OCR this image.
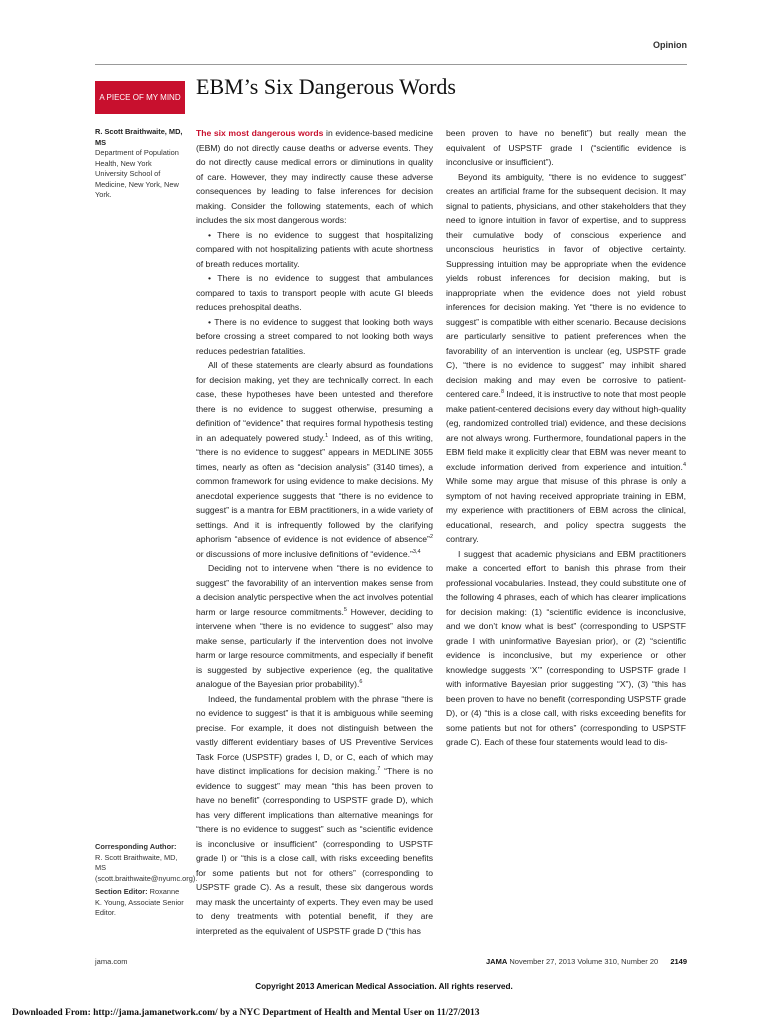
Opinion
A PIECE OF MY MIND EBM’s Six Dangerous Words
R. Scott Braithwaite, MD, MS
Department of Population Health, New York University School of Medicine, New York, New York.
Corresponding Author: R. Scott Braithwaite, MD, MS (scott.braithwaite@nyumc.org).
Section Editor: Roxanne K. Young, Associate Senior Editor.

The six most dangerous words in evidence-based medicine (EBM) do not directly cause deaths or adverse events. They do not directly cause medical errors or diminutions in quality of care. However, they may indirectly cause these adverse consequences by leading to false inferences for decision making. Consider the following statements, each of which includes the six most dangerous words:

• There is no evidence to suggest that hospitalizing compared with not hospitalizing patients with acute shortness of breath reduces mortality.

• There is no evidence to suggest that ambulances compared to taxis to transport people with acute GI bleeds reduces prehospital deaths.

• There is no evidence to suggest that looking both ways before crossing a street compared to not looking both ways reduces pedestrian fatalities.

All of these statements are clearly absurd as foundations for decision making, yet they are technically correct. In each case, these hypotheses have been untested and therefore there is no evidence to suggest otherwise, presuming a definition of “evidence” that requires formal hypothesis testing in an adequately powered study.$^1$ Indeed, as of this writing, “there is no evidence to suggest” appears in MEDLINE 3055 times, nearly as often as “decision analysis” (3140 times), a common framework for using evidence to make decisions. My anecdotal experience suggests that “there is no evidence to suggest” is a mantra for EBM practitioners, in a wide variety of settings. And it is infrequently followed by the clarifying aphorism “absence of evidence is not evidence of absence”$^2$ or discussions of more inclusive definitions of “evidence.”$^{3,4}$

Deciding not to intervene when “there is no evidence to suggest” the favorability of an intervention makes sense from a decision analytic perspective when the act involves potential harm or large resource commitments.$^5$ However, deciding to intervene when “there is no evidence to suggest” also may make sense, particularly if the intervention does not involve harm or large resource commitments, and especially if benefit is suggested by subjective experience (eg, the qualitative analogue of the Bayesian prior probability).$^6$

Indeed, the fundamental problem with the phrase “there is no evidence to suggest” is that it is ambiguous while seeming precise. For example, it does not distinguish between the vastly different evidentiary bases of US Preventive Services Task Force (USPSTF) grades I, D, or C, each of which may have distinct implications for decision making.$^7$ “There is no evidence to suggest” may mean “this has been proven to have no benefit” (corresponding to USPSTF grade D), which has very different implications than alternative meanings for “there is no evidence to suggest” such as “scientific evidence is inconclusive or insufficient” (corresponding to USPSTF grade I) or “this is a close call, with risks exceeding benefits for some patients but not for others” (corresponding to USPSTF grade C). As a result, these six dangerous words may mask the uncertainty of experts. They even may be used to deny treatments with potential benefit, if they are interpreted as the equivalent of USPSTF grade D (“this has

been proven to have no benefit”) but really mean the equivalent of USPSTF grade I (“scientific evidence is inconclusive or insufficient”).

Beyond its ambiguity, “there is no evidence to suggest” creates an artificial frame for the subsequent decision. It may signal to patients, physicians, and other stakeholders that they need to ignore intuition in favor of expertise, and to suppress their cumulative body of conscious experience and unconscious heuristics in favor of objective certainty. Suppressing intuition may be appropriate when the evidence yields robust inferences for decision making, but is inappropriate when the evidence does not yield robust inferences for decision making. Yet “there is no evidence to suggest” is compatible with either scenario. Because decisions are particularly sensitive to patient preferences when the favorability of an intervention is unclear (eg, USPSTF grade C), “there is no evidence to suggest” may inhibit shared decision making and may even be corrosive to patient-centered care.$^8$ Indeed, it is instructive to note that most people make patient-centered decisions every day without high-quality (eg, randomized controlled trial) evidence, and these decisions are not always wrong. Furthermore, foundational papers in the EBM field make it explicitly clear that EBM was never meant to exclude information derived from experience and intuition.$^4$ While some may argue that misuse of this phrase is only a symptom of not having received appropriate training in EBM, my experience with practitioners of EBM across the clinical, educational, research, and policy spectra suggests the contrary.

I suggest that academic physicians and EBM practitioners make a concerted effort to banish this phrase from their professional vocabularies. Instead, they could substitute one of the following 4 phrases, each of which has clearer implications for decision making: (1) “scientific evidence is inconclusive, and we don’t know what is best” (corresponding to USPSTF grade I with uninformative Bayesian prior), or (2) “scientific evidence is inconclusive, but my experience or other knowledge suggests ‘X’” (corresponding to USPSTF grade I with informative Bayesian prior suggesting “X”), (3) “this has been proven to have no benefit (corresponding USPSTF grade D), or (4) “this is a close call, with risks exceeding benefits for some patients but not for others” (corresponding to USPSTF grade C). Each of these four statements would lead to dis-

jama.com	JAMA November 27, 2013 Volume 310, Number 20 2149
Copyright 2013 American Medical Association. All rights reserved.
Downloaded From: http://jama.jamanetwork.com/ by a NYC Department of Health and Mental User on 11/27/2013
